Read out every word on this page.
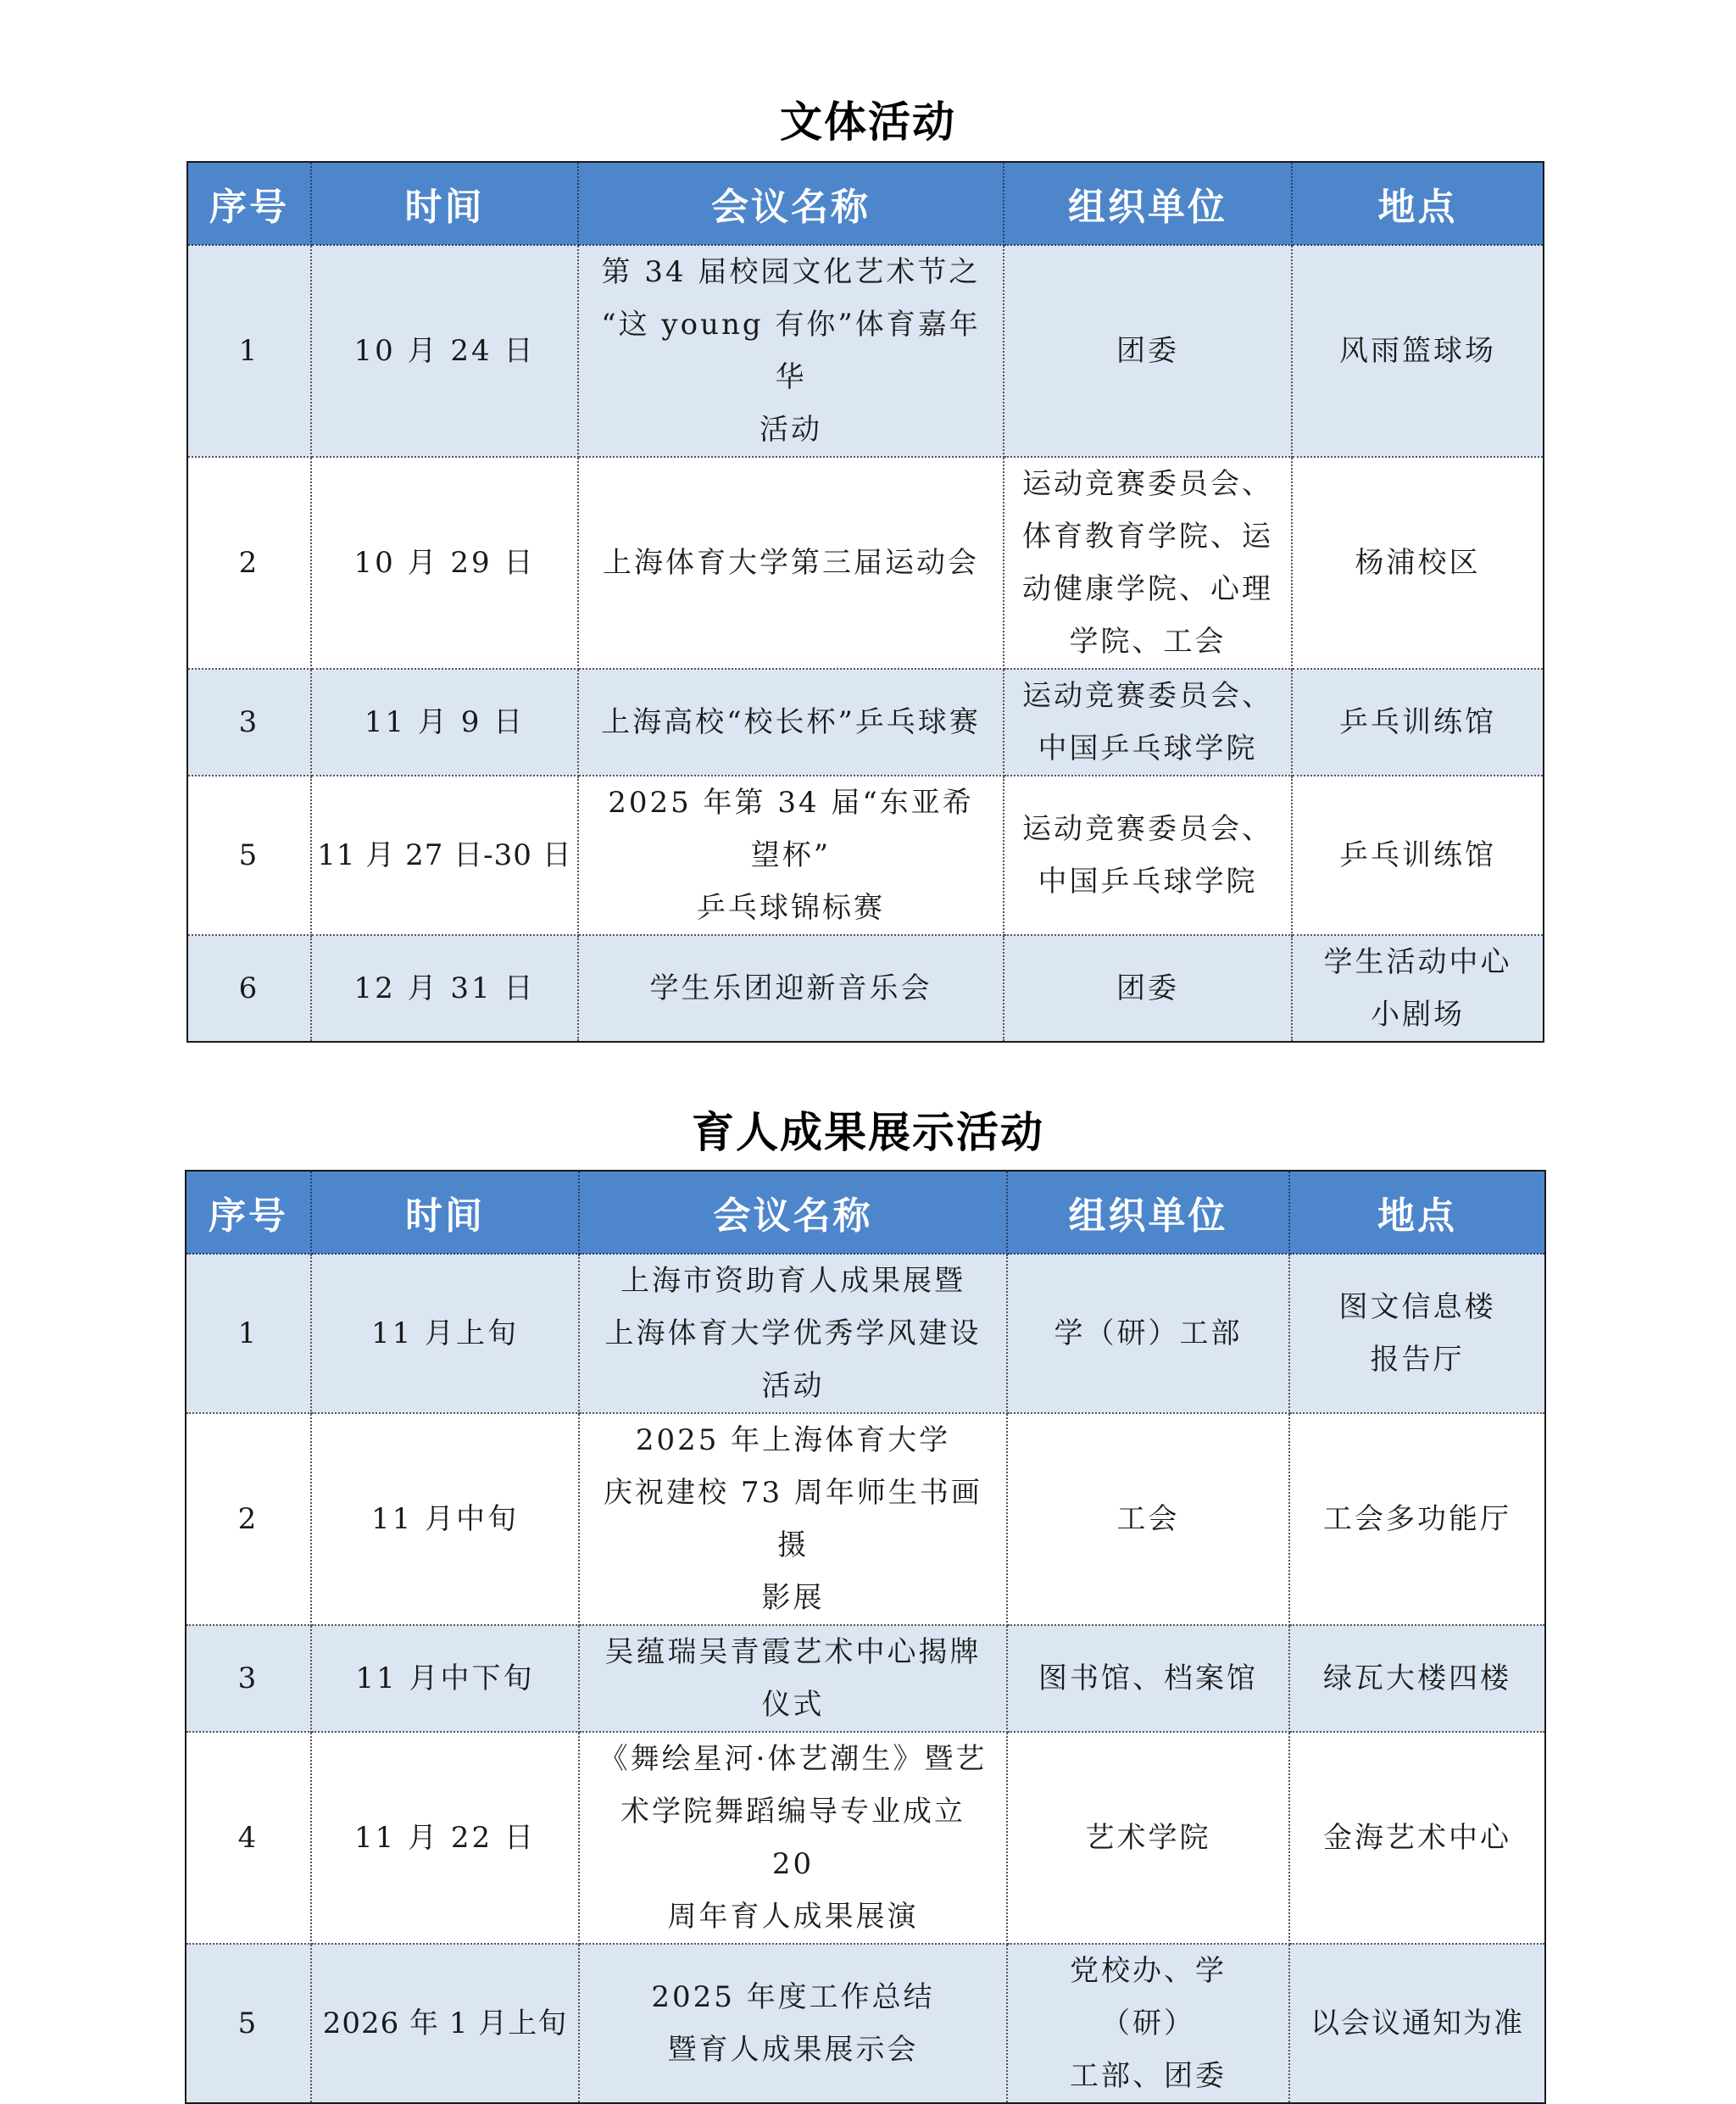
文体活动
序号	时间	会议名称	组织单位	地点
1	10 月 24 日	第 34 届校园文化艺术节之
“这 young 有你”体育嘉年华
活动	团委	风雨篮球场
2	10 月 29 日	上海体育大学第三届运动会	运动竞赛委员会、
体育教育学院、运
动健康学院、心理
学院、工会	杨浦校区
3	11 月 9 日	上海高校“校长杯”乒乓球赛	运动竞赛委员会、
中国乒乓球学院	乒乓训练馆
5	11 月 27 日-30 日	2025 年第 34 届“东亚希望杯”
乒乓球锦标赛	运动竞赛委员会、
中国乒乓球学院	乒乓训练馆
6	12 月 31 日	学生乐团迎新音乐会	团委	学生活动中心
小剧场
育人成果展示活动
序号	时间	会议名称	组织单位	地点
1	11 月上旬	上海市资助育人成果展暨
上海体育大学优秀学风建设
活动	学（研）工部	图文信息楼
报告厅
2	11 月中旬	2025 年上海体育大学
庆祝建校 73 周年师生书画摄
影展	工会	工会多功能厅
3	11 月中下旬	吴蕴瑞吴青霞艺术中心揭牌
仪式	图书馆、档案馆	绿瓦大楼四楼
4	11 月 22 日	《舞绘星河·体艺潮生》暨艺
术学院舞蹈编导专业成立 20
周年育人成果展演	艺术学院	金海艺术中心
5	2026 年 1 月上旬	2025 年度工作总结
暨育人成果展示会	党校办、学（研）
工部、团委	以会议通知为准
